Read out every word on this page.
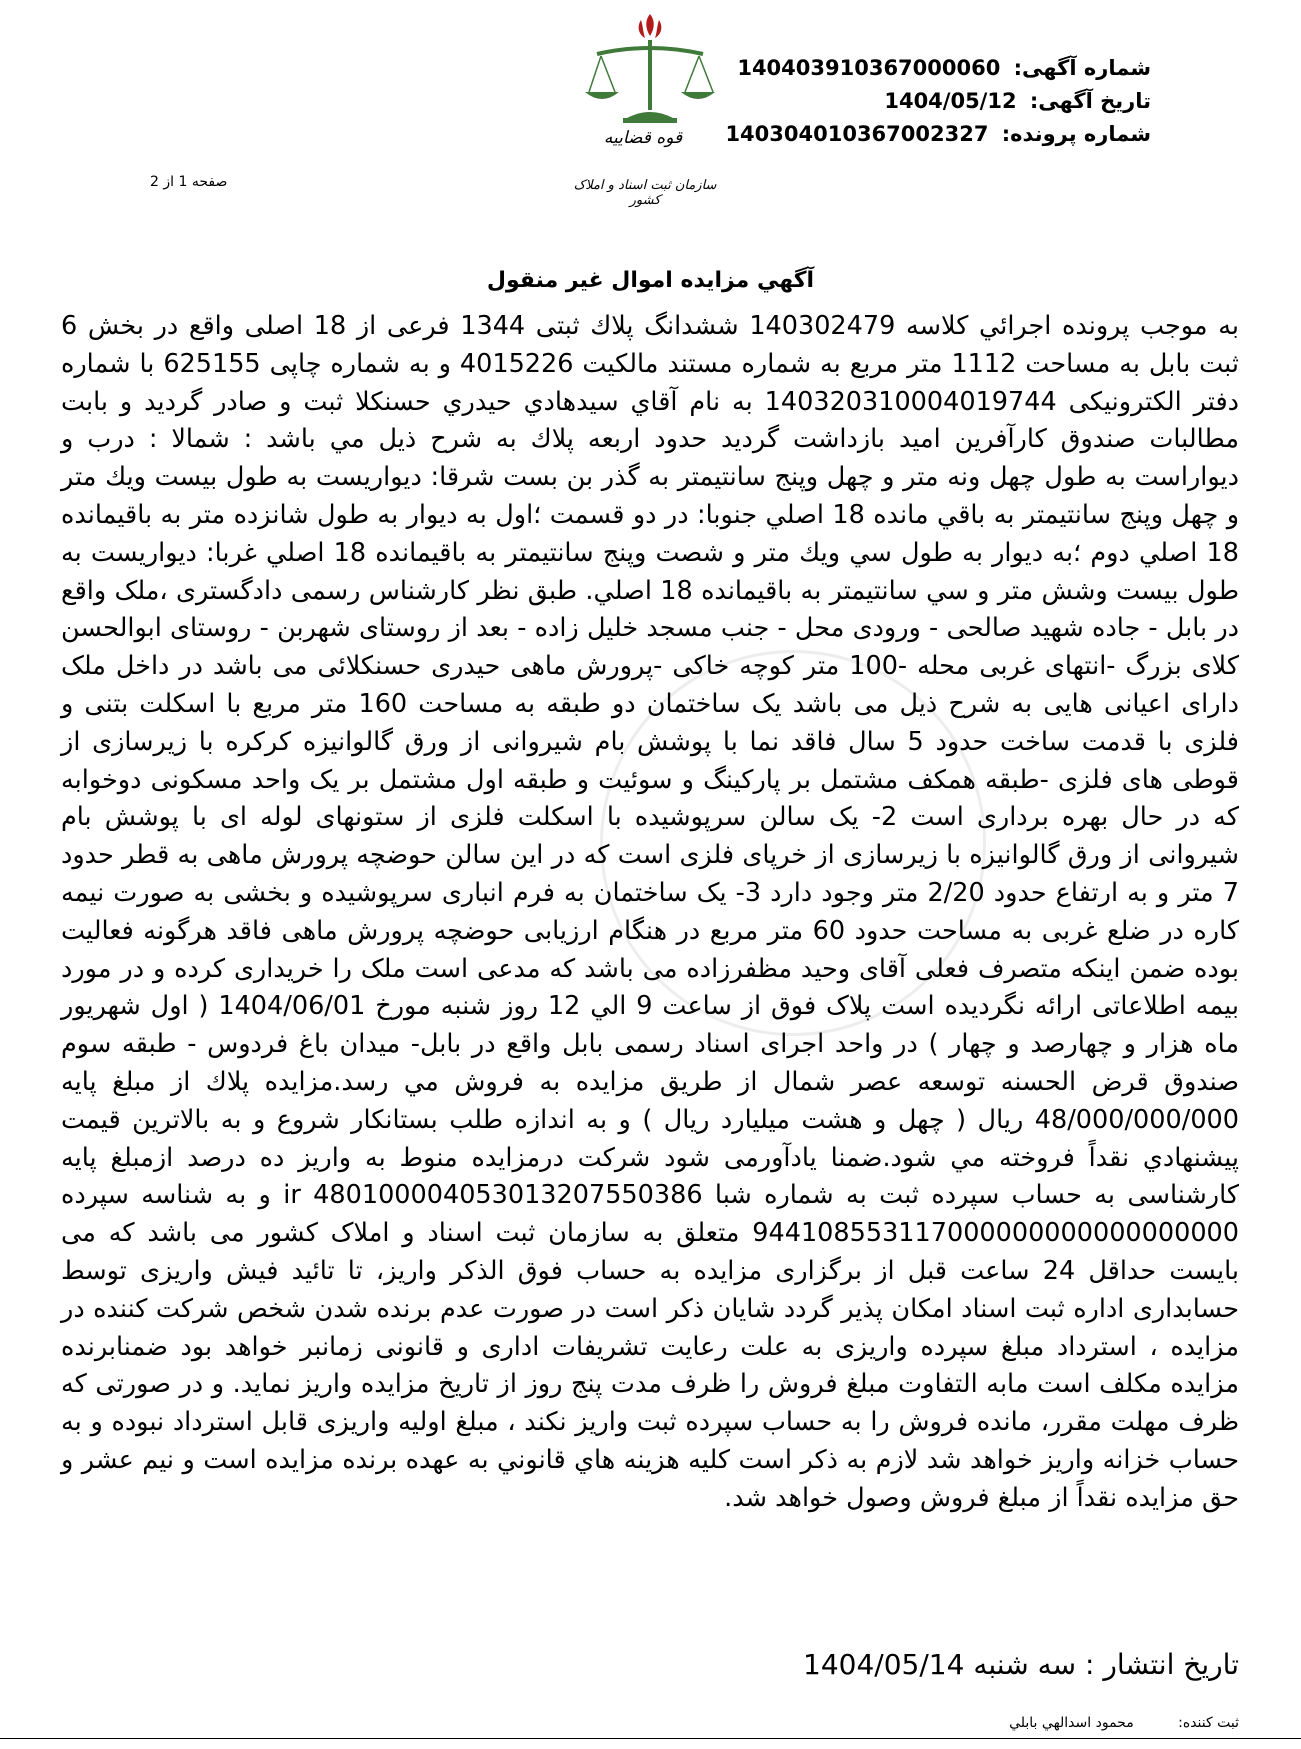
شماره آگهی: 140403910367000060
تاریخ آگهی: 1404/05/12
شماره پرونده: 140304010367002327
قوه قضاییه
سازمان ثبت اسناد و املاک کشور
صفحه 1 از 2
آگهي مزايده اموال غير منقول
به موجب پرونده اجرائي كلاسه 140302479 ششدانگ پلاك ثبتی 1344 فرعی از 18 اصلی واقع در بخش 6 ثبت بابل به مساحت 1112 متر مربع به شماره مستند مالکیت 4015226 و به شماره چاپی 625155 با شماره دفتر الکترونیکی 140320310004019744 به نام آقاي سيدهادي حيدري حسنكلا ثبت و صادر گرديد و بابت مطالبات صندوق كارآفرين اميد بازداشت گرديد حدود اربعه پلاك به شرح ذيل مي باشد : شمالا : درب و ديواراست به طول چهل ونه متر و چهل وپنج سانتيمتر به گذر بن بست شرقا: ديواريست به طول بيست ويك متر و چهل وپنج سانتيمتر به باقي مانده 18 اصلي جنوبا: در دو قسمت ؛اول به ديوار به طول شانزده متر به باقيمانده 18 اصلي دوم ؛به ديوار به طول سي ويك متر و شصت وپنج سانتيمتر به باقيمانده 18 اصلي غربا: ديواريست به طول بيست وشش متر و سي سانتيمتر به باقيمانده 18 اصلي. طبق نظر کارشناس رسمی دادگستری ،ملک واقع در بابل - جاده شهید صالحی - ورودی محل - جنب مسجد خلیل زاده - بعد از روستای شهربن - روستای ابوالحسن کلای بزرگ -انتهای غربی محله -100 متر کوچه خاکی -پرورش ماهی حیدری حسنکلائی می باشد در داخل ملک دارای اعیانی هایی به شرح ذیل می باشد یک ساختمان دو طبقه به مساحت 160 متر مربع با اسکلت بتنی و فلزی با قدمت ساخت حدود 5 سال فاقد نما با پوشش بام شیروانی از ورق گالوانیزه کرکره با زیرسازی از قوطی های فلزی -طبقه همکف مشتمل بر پارکینگ و سوئیت و طبقه اول مشتمل بر یک واحد مسکونی دوخوابه که در حال بهره برداری است 2- یک سالن سرپوشیده با اسکلت فلزی از ستونهای لوله ای با پوشش بام شیروانی از ورق گالوانیزه با زیرسازی از خرپای فلزی است که در این سالن حوضچه پرورش ماهی به قطر حدود 7 متر و به ارتفاع حدود 2/20 متر وجود دارد 3- یک ساختمان به فرم انباری سرپوشیده و بخشی به صورت نیمه کاره در ضلع غربی به مساحت حدود 60 متر مربع در هنگام ارزیابی حوضچه پرورش ماهی فاقد هرگونه فعالیت بوده ضمن اینکه متصرف فعلی آقای وحید مظفرزاده می باشد که مدعی است ملک را خریداری کرده و در مورد بیمه اطلاعاتی ارائه نگردیده است پلاک فوق از ساعت 9 الي 12 روز شنبه مورخ 1404/06/01 ( اول شهریور ماه هزار و چهارصد و چهار ) در واحد اجرای اسناد رسمی بابل واقع در بابل- ميدان باغ فردوس - طبقه سوم صندوق قرض الحسنه توسعه عصر شمال از طريق مزايده به فروش مي رسد.مزايده پلاك از مبلغ پايه 48/000/000/000 ريال ( چهل و هشت میلیارد ريال ) و به اندازه طلب بستانكار شروع و به بالاترين قيمت پيشنهادي نقداً فروخته مي شود.ضمنا يادآورمی شود شرکت درمزایده منوط به واریز ده درصد ازمبلغ پایه کارشناسی به حساب سپرده ثبت به شماره شبا ir 480100004053013207550386 و به شناسه سپرده 944108553117000000000000000000 متعلق به سازمان ثبت اسناد و املاک کشور می باشد که می بایست حداقل 24 ساعت قبل از برگزاری مزایده به حساب فوق الذکر واریز، تا تائید فیش واریزی توسط حسابداری اداره ثبت اسناد امکان پذیر گردد شایان ذکر است در صورت عدم برنده شدن شخص شرکت کننده در مزایده ، استرداد مبلغ سپرده واریزی به علت رعایت تشریفات اداری و قانونی زمانبر خواهد بود ضمنابرنده مزایده مکلف است مابه التفاوت مبلغ فروش را ظرف مدت پنج روز از تاریخ مزایده واریز نماید. و در صورتی که ظرف مهلت مقرر، مانده فروش را به حساب سپرده ثبت واریز نکند ، مبلغ اولیه واریزی قابل استرداد نبوده و به حساب خزانه واریز خواهد شد لازم به ذکر است کلیه هزینه هاي قانوني به عهده برنده مزايده است و نيم عشر و حق مزايده نقداً از مبلغ فروش وصول خواهد شد.
تاریخ انتشار : سه شنبه 1404/05/14
ثبت کننده: محمود اسدالهي بابلي
